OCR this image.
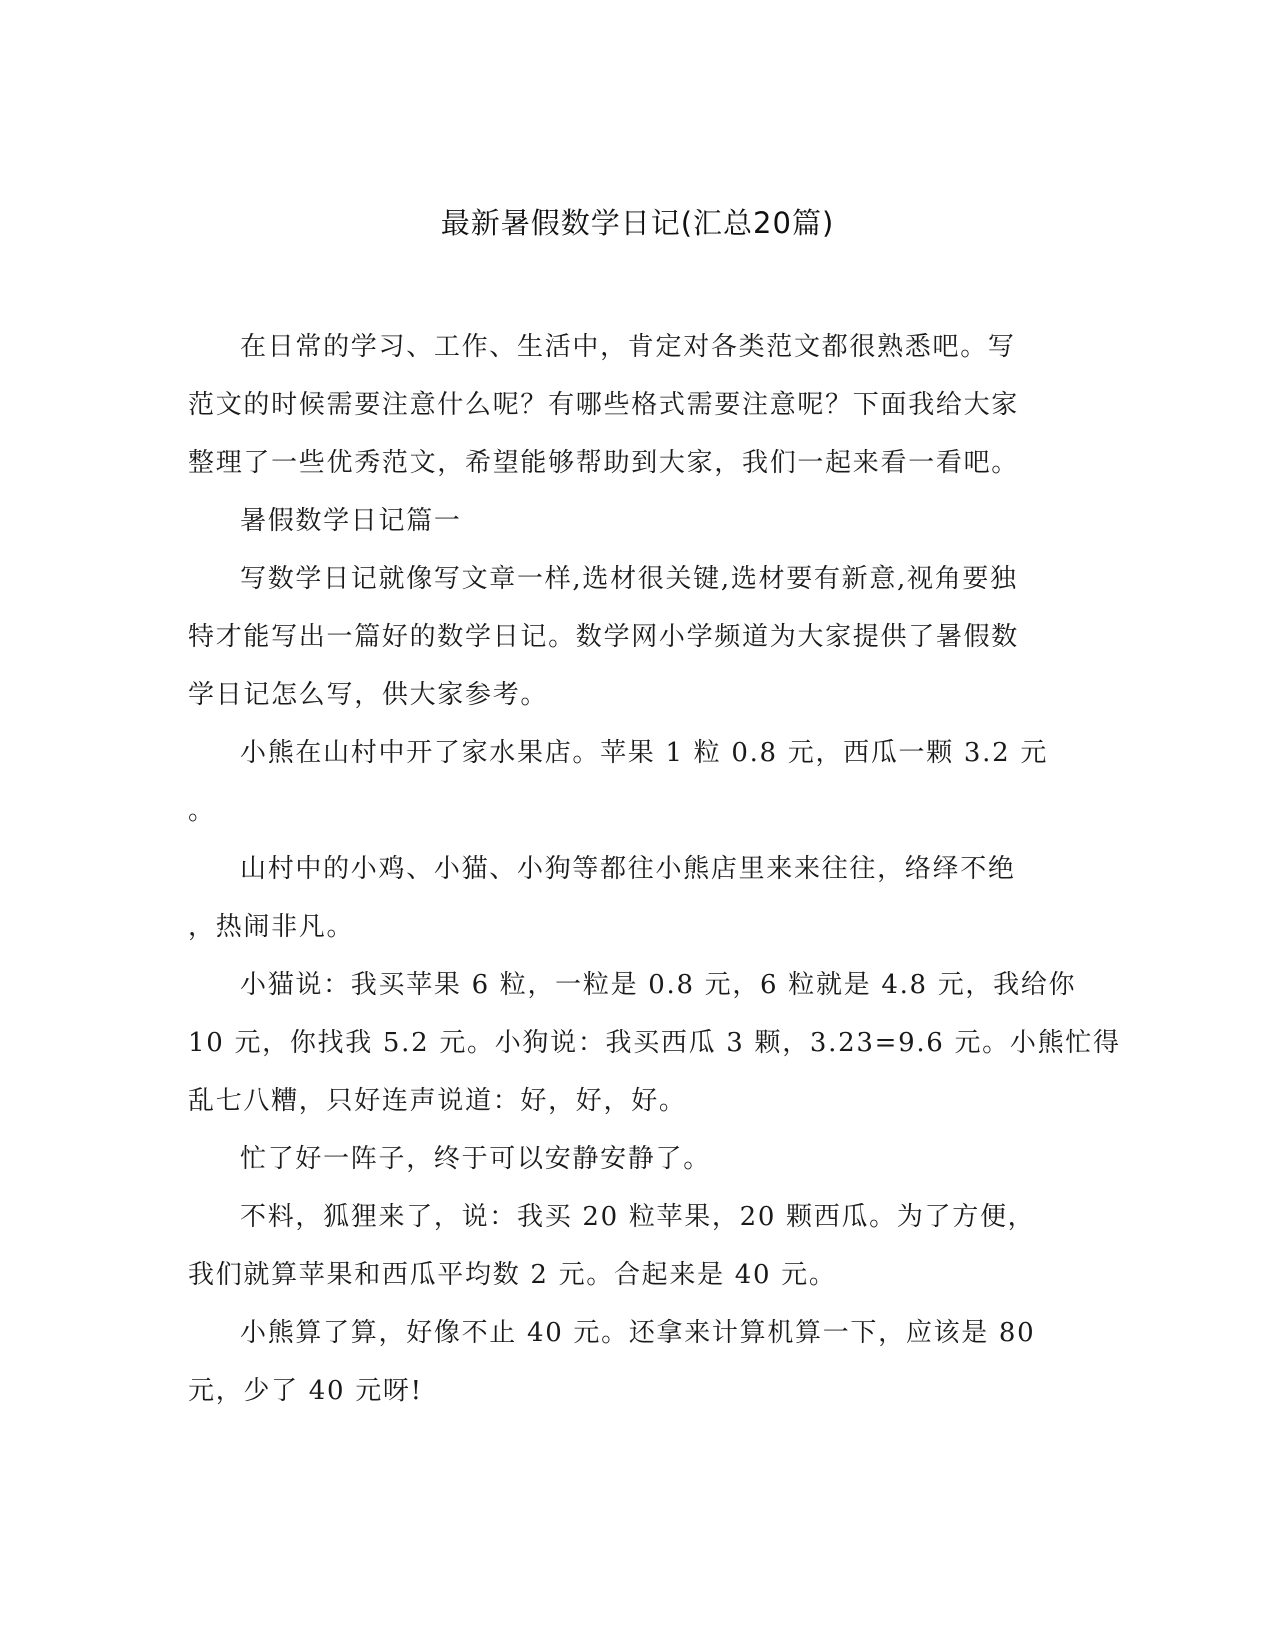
最新暑假数学日记(汇总20篇)

在日常的学习、工作、生活中，肯定对各类范文都很熟悉吧。写
范文的时候需要注意什么呢？有哪些格式需要注意呢？下面我给大家
整理了一些优秀范文，希望能够帮助到大家，我们一起来看一看吧。

暑假数学日记篇一

写数学日记就像写文章一样,选材很关键,选材要有新意,视角要独
特才能写出一篇好的数学日记。数学网小学频道为大家提供了暑假数
学日记怎么写，供大家参考。

小熊在山村中开了家水果店。苹果 1 粒 0.8 元，西瓜一颗 3.2 元
。

山村中的小鸡、小猫、小狗等都往小熊店里来来往往，络绎不绝
，热闹非凡。

小猫说：我买苹果 6 粒，一粒是 0.8 元，6 粒就是 4.8 元，我给你
10 元，你找我 5.2 元。小狗说：我买西瓜 3 颗，3.23=9.6 元。小熊忙得
乱七八糟，只好连声说道：好，好，好。

忙了好一阵子，终于可以安静安静了。

不料，狐狸来了，说：我买 20 粒苹果，20 颗西瓜。为了方便，
我们就算苹果和西瓜平均数 2 元。合起来是 40 元。

小熊算了算，好像不止 40 元。还拿来计算机算一下，应该是 80
元，少了 40 元呀!
